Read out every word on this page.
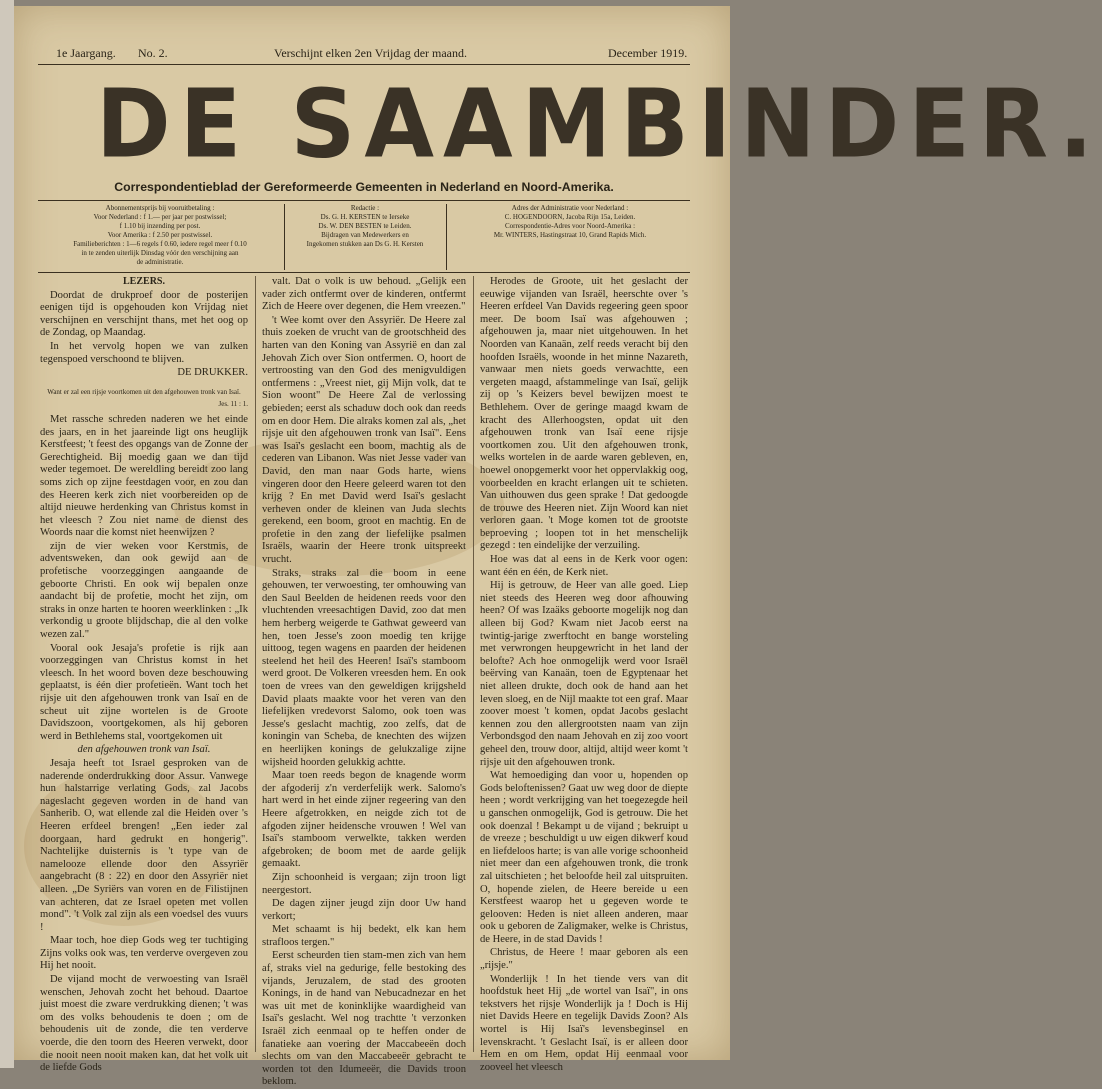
1e Jaargang. No. 2.	Verschijnt elken 2en Vrijdag der maand.	December 1919.
DE SAAMBINDER.
Correspondentieblad der Gereformeerde Gemeenten in Nederland en Noord-Amerika.
Abonnementsprijs bij vooruitbetaling :
Voor Nederland : f 1.— per jaar per postwissel;
f 1.10 bij inzending per post.
Voor Amerika : f 2.50 per postwissel.
Familieberichten : 1—6 regels f 0.60, iedere regel meer f 0.10
in te zenden uiterlijk Dinsdag vóór den verschijning aan
de administratie.
Redactie :
Ds. G. H. KERSTEN te Ierseke
Ds. W. DEN BESTEN te Leiden.
Bijdragen van Medewerkers en
Ingekomen stukken aan Ds G. H. Kersten
Adres der Administratie voor Nederland :
C. HOGENDOORN, Jacoba Rijn 15a, Leiden.
Correspondentie-Adres voor Noord-Amerika :
Mr. WINTERS, Hastingstraat 10, Grand Rapids Mich.

LEZERS.

Doordat de drukproef door de posterijen eenigen tijd is opgehouden kon Vrijdag niet verschijnen en verschijnt thans, met het oog op de Zondag, op Maandag.

In het vervolg hopen we van zulken tegenspoed verschoond te blijven.

DE DRUKKER.

Want er zal een rijsje voortkomen uit den afgehouwen tronk van Isaï.
Jes. 11 : 1.

Met rassche schreden naderen we het einde des jaars, en in het jaareinde ligt ons heuglijk Kerstfeest; 't feest des opgangs van de Zonne der Gerechtigheid. Bij moedig gaan we dan tijd weder tegemoet. De wereldling bereidt zoo lang soms zich op zijne feestdagen voor, en zou dan des Heeren kerk zich niet voorbereiden op de altijd nieuwe herdenking van Christus komst in het vleesch ? Zou niet name de dienst des Woords naar die komst niet heenwijzen ?

zijn de vier weken voor Kerstmis, de adventsweken, dan ook gewijd aan de profetische voorzeggingen aangaande de geboorte Christi. En ook wij bepalen onze aandacht bij de profetie, mocht het zijn, om straks in onze harten te hooren weerklinken : „Ik verkondig u groote blijdschap, die al den volke wezen zal."

Vooral ook Jesaja's profetie is rijk aan voorzeggingen van Christus komst in het vleesch. In het woord boven deze beschouwing geplaatst, is één dier profetieën. Want toch het rijsje uit den afgehouwen tronk van Isaï en de scheut uit zijne wortelen is de Groote Davidszoon, voortgekomen, als hij geboren werd in Bethlehems stal, voortgekomen uit

den afgehouwen tronk van Isaï.

Jesaja heeft tot Israel gesproken van de naderende onderdrukking door Assur. Vanwege hun halstarrige verlating Gods, zal Jacobs nageslacht gegeven worden in de hand van Sanherib. O, wat ellende zal die Heiden over 's Heeren erfdeel brengen! „Een ieder zal doorgaan, hard gedrukt en hongerig". Nachtelijke duisternis is 't type van de namelooze ellende door den Assyriër aangebracht (8 : 22) en door den Assyriër niet alleen. „De Syriërs van voren en de Filistijnen van achteren, dat ze Israel opeten met vollen mond". 't Volk zal zijn als een voedsel des vuurs !

Maar toch, hoe diep Gods weg ter tuchtiging Zijns volks ook was, ten verderve overgeven zou Hij het nooit.

De vijand mocht de verwoesting van Israël wenschen, Jehovah zocht het behoud. Daartoe juist moest die zware verdrukking dienen; 't was om des volks behoudenis te doen ; om de behoudenis uit de zonde, die ten verderve voerde, die den toorn des Heeren verwekt, door die nooit neen nooit maken kan, dat het volk uit de liefde Gods

valt. Dat o volk is uw behoud. „Gelijk een vader zich ontfermt over de kinderen, ontfermt Zich de Heere over degenen, die Hem vreezen."

't Wee komt over den Assyriër. De Heere zal thuis zoeken de vrucht van de grootschheid des harten van den Koning van Assyrië en dan zal Jehovah Zich over Sion ontfermen. O, hoort de vertroosting van den God des menigvuldigen ontfermens : „Vreest niet, gij Mijn volk, dat te Sion woont" De Heere Zal de verlossing gebieden; eerst als schaduw doch ook dan reeds om en door Hem. Die alraks komen zal als, „het rijsje uit den afgehouwen tronk van Isaï". Eens was Isaï's geslacht een boom, machtig als de cederen van Libanon. Was niet Jesse vader van David, den man naar Gods harte, wiens vingeren door den Heere geleerd waren tot den krijg ? En met David werd Isaï's geslacht verheven onder de kleinen van Juda slechts gerekend, een boom, groot en machtig. En de profetie in den zang der liefelijke psalmen Israëls, waarin der Heere tronk uitspreekt vrucht.

Straks, straks zal die boom in eene gehouwen, ter verwoesting, ter omhouwing van den Saul Beelden de heidenen reeds voor den vluchtenden vreesachtigen David, zoo dat men hem herberg weigerde te Gathwat geweerd van hen, toen Jesse's zoon moedig ten krijge uittoog, tegen wagens en paarden der heidenen steelend het heil des Heeren! Isaï's stamboom werd groot. De Volkeren vreesden hem. En ook toen de vrees van den geweldigen krijgsheld David plaats maakte voor het veren van den liefelijken vredevorst Salomo, ook toen was Jesse's geslacht machtig, zoo zelfs, dat de koningin van Scheba, de knechten des wijzen en heerlijken konings de gelukzalige zijne wijsheid hoorden gelukkig achtte.

Maar toen reeds begon de knagende worm der afgoderij z'n verderfelijk werk. Salomo's hart werd in het einde zijner regeering van den Heere afgetrokken, en neigde zich tot de afgoden zijner heidensche vrouwen ! Wel van Isaï's stamboom verwelkte, takken werden afgebroken; de boom met de aarde gelijk gemaakt.

Zijn schoonheid is vergaan; zijn troon ligt neergestort.

De dagen zijner jeugd zijn door Uw hand verkort;

Met schaamt is hij bedekt, elk kan hem strafloos tergen."

Eerst scheurden tien stam-men zich van hem af, straks viel na gedurige, felle bestoking des vijands, Jeruzalem, de stad des grooten Konings, in de hand van Nebucadnezar en het was uit met de koninklijke waardigheid van Isaï's geslacht. Wel nog trachtte 't verzonken Israël zich eenmaal op te heffen onder de fanatieke aan voering der Maccabeeën doch slechts om van den Maccabeeër gebracht te worden tot den Idumeeër, die Davids troon beklom.

Herodes de Groote, uit het geslacht der eeuwige vijanden van Israël, heerschte over 's Heeren erfdeel Van Davids regeering geen spoor meer. De boom Isaï was afgehouwen ; afgehouwen ja, maar niet uitgehouwen. In het Noorden van Kanaän, zelf reeds veracht bij den hoofden Israëls, woonde in het minne Nazareth, vanwaar men niets goeds verwachtte, een vergeten maagd, afstammelinge van Isaï, gelijk zij op 's Keizers bevel bewijzen moest te Bethlehem. Over de geringe maagd kwam de kracht des Allerhoogsten, opdat uit den afgehouwen tronk van Isaï eene rijsje voortkomen zou. Uit den afgehouwen tronk, welks wortelen in de aarde waren gebleven, en, hoewel onopgemerkt voor het oppervlakkig oog, voorbeelden en kracht erlangen uit te schieten. Van uithouwen dus geen sprake ! Dat gedoogde de trouwe des Heeren niet. Zijn Woord kan niet verloren gaan. 't Moge komen tot de grootste beproeving ; loopen tot in het menschelijk gezegd : ten eindelijke der verzuiling.

Hoe was dat al eens in de Kerk voor ogen: want één en één, de Kerk niet.

Hij is getrouw, de Heer van alle goed. Liep niet steeds des Heeren weg door afhouwing heen? Of was Izaäks geboorte mogelijk nog dan alleen bij God? Kwam niet Jacob eerst na twintig-jarige zwerftocht en bange worsteling met verwrongen heupgewricht in het land der belofte? Ach hoe onmogelijk werd voor Israël beërving van Kanaän, toen de Egyptenaar het niet alleen drukte, doch ook de hand aan het leven sloeg, en de Nijl maakte tot een graf. Maar zoover moest 't komen, opdat Jacobs geslacht kennen zou den allergrootsten naam van zijn Verbondsgod den naam Jehovah en zij zoo voort geheel den, trouw door, altijd, altijd weer komt 't rijsje uit den afgehouwen tronk.

Wat hemoediging dan voor u, hopenden op Gods beloftenissen? Gaat uw weg door de diepte heen ; wordt verkrijging van het toegezegde heil u ganschen onmogelijk, God is getrouw. Die het ook doenzal ! Bekampt u de vijand ; bekruipt u de vreeze ; beschuldigt u uw eigen dikwerf koud en liefdeloos harte; is van alle vorige schoonheid niet meer dan een afgehouwen tronk, die tronk zal uitschieten ; het beloofde heil zal uitspruiten. O, hopende zielen, de Heere bereide u een Kerstfeest waarop het u gegeven worde te gelooven: Heden is niet alleen anderen, maar ook u geboren de Zaligmaker, welke is Christus, de Heere, in de stad Davids !

Christus, de Heere ! maar geboren als een „rijsje."

Wonderlijk ! In het tiende vers van dit hoofdstuk heet Hij „de wortel van Isaï", in ons tekstvers het rijsje Wonderlijk ja ! Doch is Hij niet Davids Heere en tegelijk Davids Zoon? Als wortel is Hij Isaï's levensbeginsel en levenskracht. 't Geslacht Isaï, is er alleen door Hem en om Hem, opdat Hij eenmaal voor zooveel het vleesch
